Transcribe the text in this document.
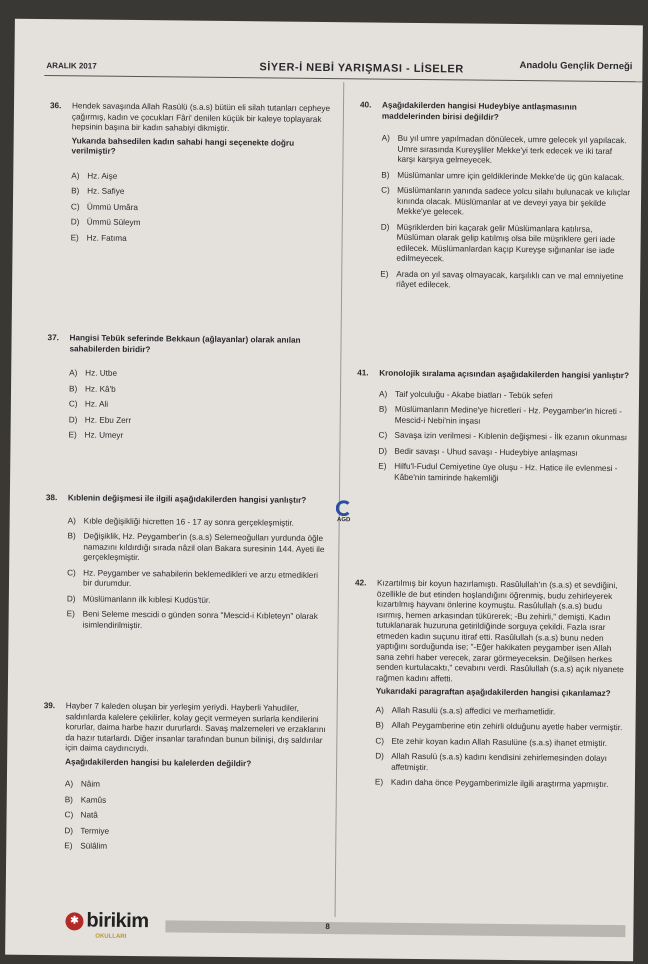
ARALIK 2017	SİYER-İ NEBİ YARIŞMASI - LİSELER	Anadolu Gençlik Derneği
36. Hendek savaşında Allah Rasülü (s.a.s) bütün eli silah tutanları cepheye çağırmış, kadın ve çocukları Fâri' denilen küçük bir kaleye toplayarak hepsinin başına bir kadın sahabiyi dikmiştir.

Yukarıda bahsedilen kadın sahabi hangi seçenekte doğru verilmiştir?
A) Hz. Aişe
B) Hz. Safiye
C) Ümmü Umâra
D) Ümmü Süleym
E) Hz. Fatıma
37. Hangisi Tebük seferinde Bekkaun (ağlayanlar) olarak anılan sahabilerden biridir?
A) Hz. Utbe
B) Hz. Kâ'b
C) Hz. Ali
D) Hz. Ebu Zerr
E) Hz. Umeyr
38. Kıblenin değişmesi ile ilgili aşağıdakilerden hangisi yanlıştır?
A) Kıble değişikliği hicretten 16 - 17 ay sonra gerçekleşmiştir.
B) Değişiklik, Hz. Peygamber'in (s.a.s) Selemeoğulları yurdunda öğle namazını kıldırdığı sırada nâzil olan Bakara suresinin 144. Ayeti ile gerçekleşmiştir.
C) Hz. Peygamber ve sahabilerin beklemedikleri ve arzu etmedikleri bir durumdur.
D) Müslümanların ilk kıblesi Kudüs'tür.
E) Beni Seleme mescidi o günden sonra "Mescid-i Kıbleteyn" olarak isimlendirilmiştir.
39. Hayber 7 kaleden oluşan bir yerleşim yeriydi. Hayberli Yahudiler, saldırılarda kalelere çekilirler, kolay geçit vermeyen surlarla kendilerini korurlar, daima harbe hazır dururlardı. Savaş malzemeleri ve erzaklarını da hazır tutarlardı. Diğer insanlar tarafından bunun bilinişi, dış saldırılar için daima caydırıcıydı.

Aşağıdakilerden hangisi bu kalelerden değildir?
A) Nâim
B) Kamûs
C) Natâ
D) Termiye
E) Sülâlim
40. Aşağıdakilerden hangisi Hudeybiye antlaşmasının maddelerinden birisi değildir?
A) Bu yıl umre yapılmadan dönülecek, umre gelecek yıl yapılacak. Umre sırasında Kureyşliler Mekke'yi terk edecek ve iki taraf karşı karşıya gelmeyecek.
B) Müslümanlar umre için geldiklerinde Mekke'de üç gün kalacak.
C) Müslümanların yanında sadece yolcu silahı bulunacak ve kılıçlar kınında olacak. Müslümanlar at ve deveyi yaya bir şekilde Mekke'ye gelecek.
D) Müşriklerden biri kaçarak gelir Müslümanlara katılırsa, Müslüman olarak gelip katılmış olsa bile müşriklere geri iade edilecek. Müslümanlardan kaçıp Kureyşe sığınanlar ise iade edilmeyecek.
E) Arada on yıl savaş olmayacak, karşılıklı can ve mal emniyetine riâyet edilecek.
41. Kronolojik sıralama açısından aşağıdakilerden hangisi yanlıştır?
A) Taif yolculuğu - Akabe biatları - Tebük seferi
B) Müslümanların Medine'ye hicretleri - Hz. Peygamber'in hicreti - Mescid-i Nebi'nin inşası
C) Savaşa izin verilmesi - Kıblenin değişmesi - İlk ezanın okunması
D) Bedir savaşı - Uhud savaşı - Hudeybiye anlaşması
E) Hilfu'l-Fudul Cemiyetine üye oluşu - Hz. Hatice ile evlenmesi - Kâbe'nin tamirinde hakemliği
42. Kızartılmış bir koyun hazırlamıştı. Rasûlullah'ın (s.a.s) et sevdiğini, özellikle de but etinden hoşlandığını öğrenmiş, budu zehirleyerek kızartılmış hayvanı önlerine koymuştu. Rasûlullah (s.a.s) budu ısırmış, hemen arkasından tükürerek; -Bu zehirli," demişti. Kadın tutuklanarak huzuruna getirildiğinde sorguya çekildi. Fazla ısrar etmeden kadın suçunu itiraf etti. Rasûlullah (s.a.s) bunu neden yaptığını sorduğunda ise; "-Eğer hakikaten peygamber isen Allah sana zehri haber verecek, zarar görmeyeceksin. Değilsen herkes senden kurtulacaktı," cevabını verdi. Rasûlullah (s.a.s) açık niyanete rağmen kadını affetti.

Yukarıdaki paragraftan aşağıdakilerden hangisi çıkarılamaz?
A) Allah Rasulü (s.a.s) affedici ve merhametlidir.
B) Allah Peygamberine etin zehirli olduğunu ayetle haber vermiştir.
C) Ete zehir koyan kadın Allah Rasulüne (s.a.s) ihanet etmiştir.
D) Allah Rasulü (s.a.s) kadını kendisini zehirlemesinden dolayı affetmiştir.
E) Kadın daha önce Peygamberimizle ilgili araştırma yapmıştır.
AGD
8
✱ birikim
OKULLARI
